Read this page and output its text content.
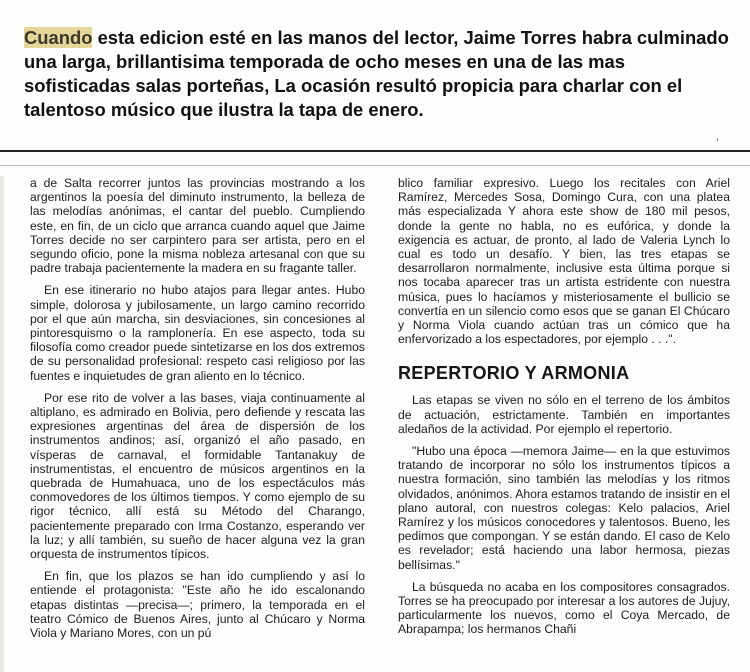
Cuando esta edicion esté en las manos del lector, Jaime Torres habra culminado una larga, brillantisima temporada de ocho meses en una de las mas sofisticadas salas porteñas, La ocasión resultó propicia para charlar con el talentoso músico que ilustra la tapa de enero.

’

a de Salta recorrer juntos las provincias mostrando a los argentinos la poesía del diminuto instrumento, la belleza de las melodías anónimas, el cantar del pueblo. Cumpliendo este, en fin, de un ciclo que arranca cuando aquel que Jaime Torres decide no ser carpintero para ser artista, pero en el segundo oficio, pone la misma nobleza artesanal con que su padre trabaja pacientemente la madera en su fragante taller.

En ese itinerario no hubo atajos para llegar antes. Hubo simple, dolorosa y jubilosamente, un largo camino recorrido por el que aún marcha, sin desviaciones, sin concesiones al pintoresquismo o la ramplonería. En ese aspecto, toda su filosofía como creador puede sintetizarse en los dos extremos de su personalidad profesional: respeto casi religioso por las fuentes e inquietudes de gran aliento en lo técnico.

Por ese rito de volver a las bases, viaja continuamente al altiplano, es admirado en Bolivia, pero defiende y rescata las expresiones argentinas del área de dispersión de los instrumentos andinos; así, organizó el año pasado, en vísperas de carnaval, el formidable Tantanakuy de instrumentistas, el encuentro de músicos argentinos en la quebrada de Humahuaca, uno de los espectáculos más conmovedores de los últimos tiempos. Y como ejemplo de su rigor técnico, allí está su Método del Charango, pacientemente preparado con Irma Costanzo, esperando ver la luz; y allí también, su sueño de hacer alguna vez la gran orquesta de instrumentos típicos.

En fin, que los plazos se han ido cumpliendo y así lo entiende el protagonista: "Este año he ido escalonando etapas distintas —precisa—; primero, la temporada en el teatro Cómico de Buenos Aires, junto al Chúcaro y Norma Viola y Mariano Mores, con un pú

blico familiar expresivo. Luego los recitales con Ariel Ramírez, Mercedes Sosa, Domingo Cura, con una platea más especializada Y ahora este show de 180 mil pesos, donde la gente no habla, no es eufórica, y donde la exigencia es actuar, de pronto, al lado de Valeria Lynch lo cual es todo un desafío. Y bien, las tres etapas se desarrollaron normalmente, inclusive esta última porque si nos tocaba aparecer tras un artista estridente con nuestra música, pues lo hacíamos y misteriosamente el bullicio se convertía en un silencio como esos que se ganan El Chúcaro y Norma Viola cuando actúan tras un cómico que ha enfervorizado a los espectadores, por ejemplo . . .".

REPERTORIO Y ARMONIA

Las etapas se viven no sólo en el terreno de los ámbitos de actuación, estrictamente. También en importantes aledaños de la actividad. Por ejemplo el repertorio.

"Hubo una época —memora Jaime— en la que estuvimos tratando de incorporar no sólo los instrumentos típicos a nuestra formación, sino también las melodías y los ritmos olvidados, anónimos. Ahora estamos tratando de insistir en el plano autoral, con nuestros colegas: Kelo palacios, Ariel Ramírez y los músicos conocedores y talentosos. Bueno, les pedimos que compongan. Y se están dando. El caso de Kelo es revelador; está haciendo una labor hermosa, piezas bellísimas."

La búsqueda no acaba en los compositores consagrados. Torres se ha preocupado por interesar a los autores de Jujuy, particularmente los nuevos, como el Coya Mercado, de Abrapampa; los hermanos Chañi
